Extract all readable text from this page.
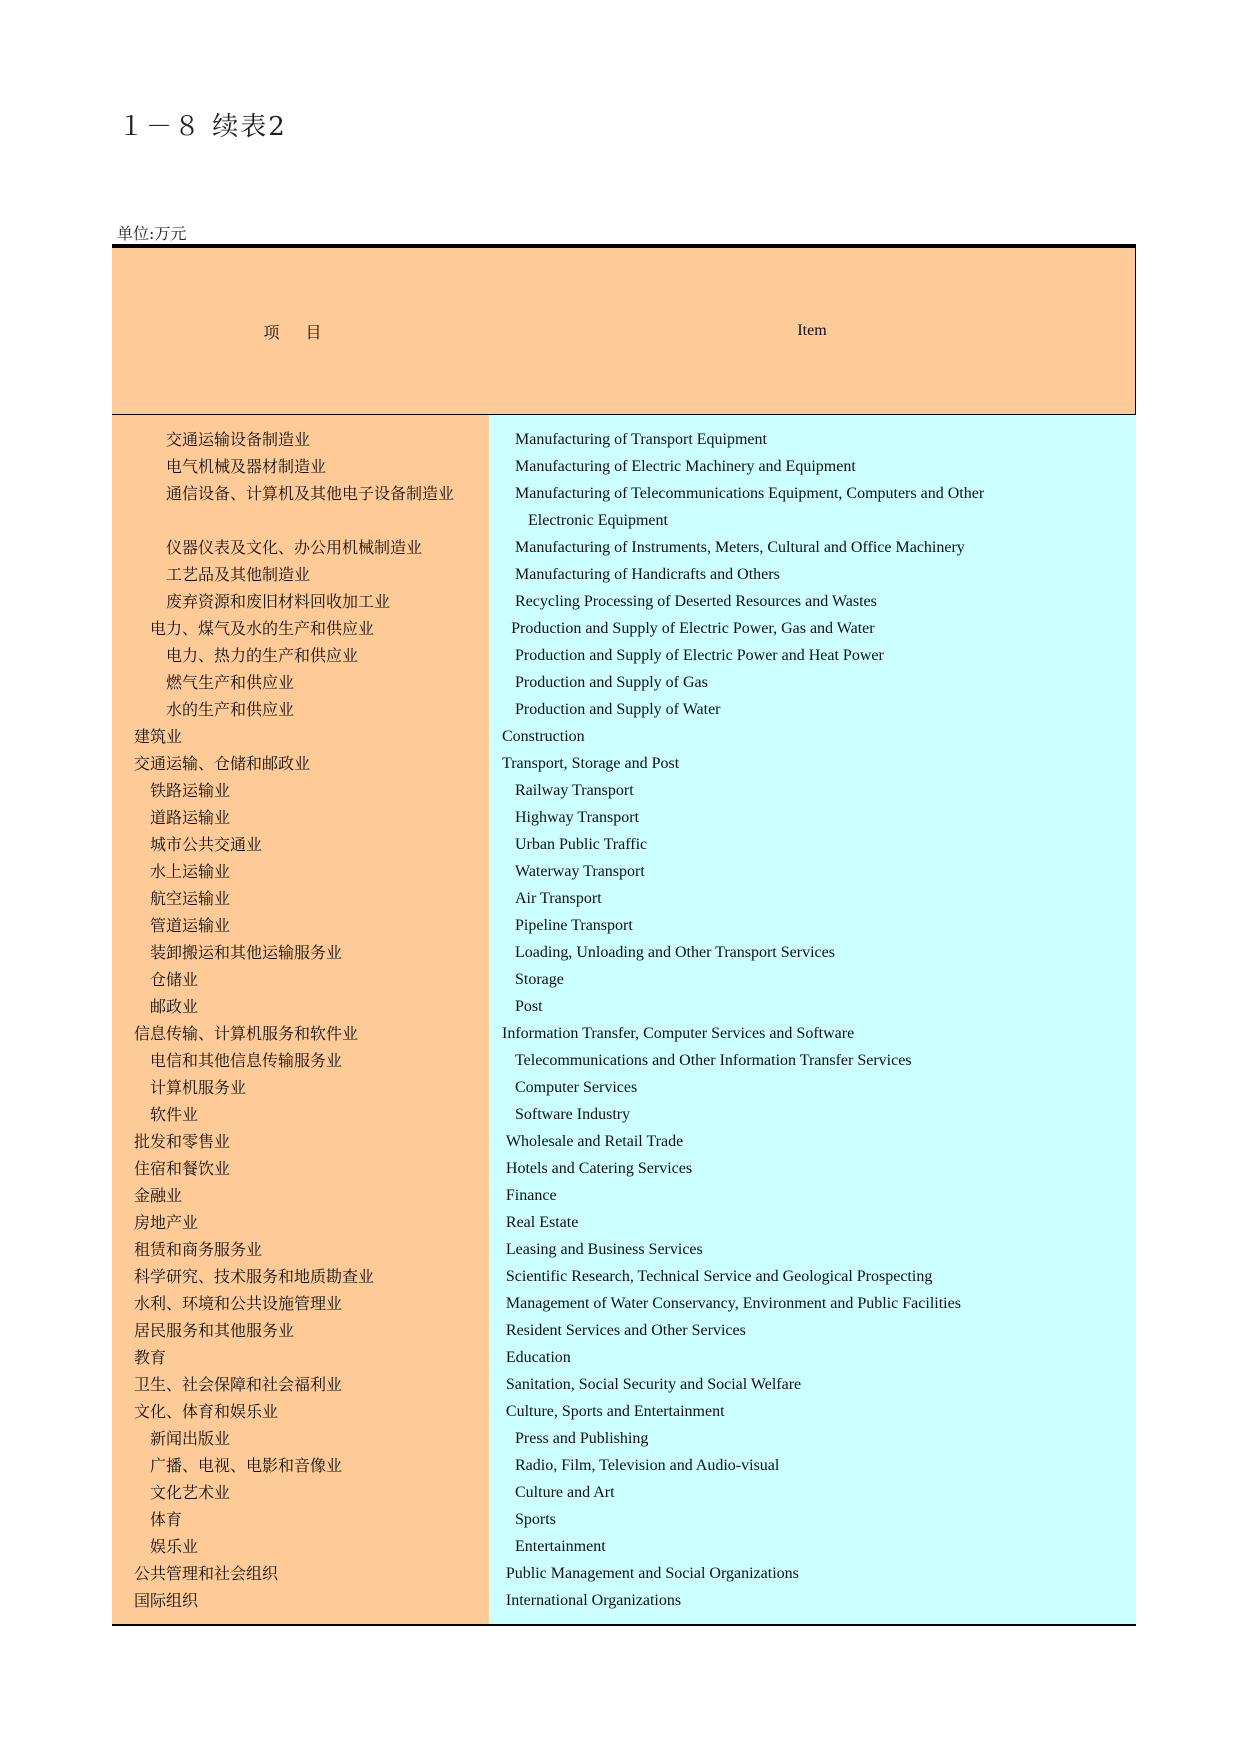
１－８ 续表2
单位:万元
项目	Item
交通运输设备制造业
电气机械及器材制造业
通信设备、计算机及其他电子设备制造业
仪器仪表及文化、办公用机械制造业
工艺品及其他制造业
废弃资源和废旧材料回收加工业
电力、煤气及水的生产和供应业
电力、热力的生产和供应业
燃气生产和供应业
水的生产和供应业
建筑业
交通运输、仓储和邮政业
铁路运输业
道路运输业
城市公共交通业
水上运输业
航空运输业
管道运输业
装卸搬运和其他运输服务业
仓储业
邮政业
信息传输、计算机服务和软件业
电信和其他信息传输服务业
计算机服务业
软件业
批发和零售业
住宿和餐饮业
金融业
房地产业
租赁和商务服务业
科学研究、技术服务和地质勘查业
水利、环境和公共设施管理业
居民服务和其他服务业
教育
卫生、社会保障和社会福利业
文化、体育和娱乐业
新闻出版业
广播、电视、电影和音像业
文化艺术业
体育
娱乐业
公共管理和社会组织
国际组织
Manufacturing of Transport Equipment
Manufacturing of Electric Machinery and Equipment
Manufacturing of Telecommunications Equipment, Computers and Other
Electronic Equipment
Manufacturing of Instruments, Meters, Cultural and Office Machinery
Manufacturing of Handicrafts and Others
Recycling Processing of Deserted Resources and Wastes
Production and Supply of Electric Power, Gas and Water
Production and Supply of Electric Power and Heat Power
Production and Supply of Gas
Production and Supply of Water
Construction
Transport, Storage and Post
Railway Transport
Highway Transport
Urban Public Traffic
Waterway Transport
Air Transport
Pipeline Transport
Loading, Unloading and Other Transport Services
Storage
Post
Information Transfer, Computer Services and Software
Telecommunications and Other Information Transfer Services
Computer Services
Software Industry
Wholesale and Retail Trade
Hotels and Catering Services
Finance
Real Estate
Leasing and Business Services
Scientific Research, Technical Service and Geological Prospecting
Management of Water Conservancy, Environment and Public Facilities
Resident Services and Other Services
Education
Sanitation, Social Security and Social Welfare
Culture, Sports and Entertainment
Press and Publishing
Radio, Film, Television and Audio-visual
Culture and Art
Sports
Entertainment
Public Management and Social Organizations
International Organizations
